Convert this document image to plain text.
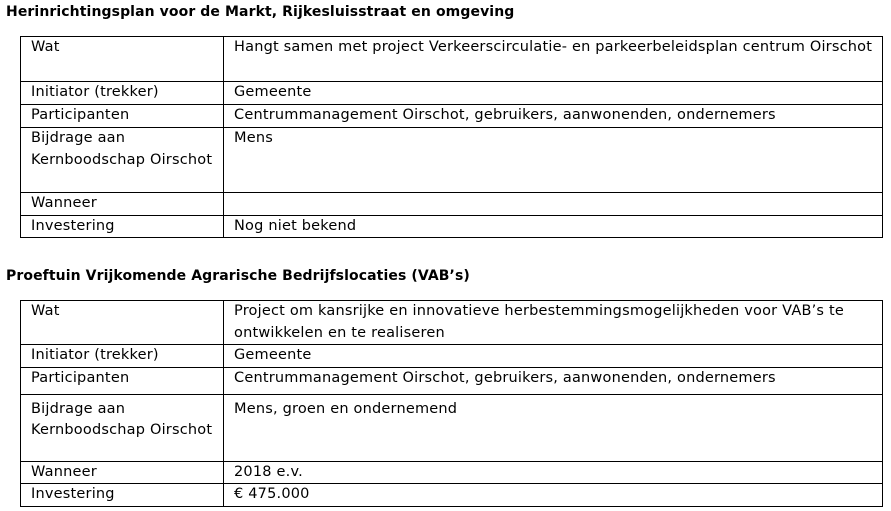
Herinrichtingsplan voor de Markt, Rijkesluisstraat en omgeving
Wat	Hangt samen met project Verkeerscirculatie- en parkeerbeleidsplan centrum Oirschot
Initiator (trekker)	Gemeente
Participanten	Centrummanagement Oirschot, gebruikers, aanwonenden, ondernemers
Bijdrage aan Kernboodschap Oirschot	Mens
Wanneer	
Investering	Nog niet bekend
Proeftuin Vrijkomende Agrarische Bedrijfslocaties (VAB’s)
Wat	Project om kansrijke en innovatieve herbestemmingsmogelijkheden voor VAB’s te ontwikkelen en te realiseren
Initiator (trekker)	Gemeente
Participanten	Centrummanagement Oirschot, gebruikers, aanwonenden, ondernemers
Bijdrage aan Kernboodschap Oirschot	Mens, groen en ondernemend
Wanneer	2018 e.v.
Investering	€ 475.000
